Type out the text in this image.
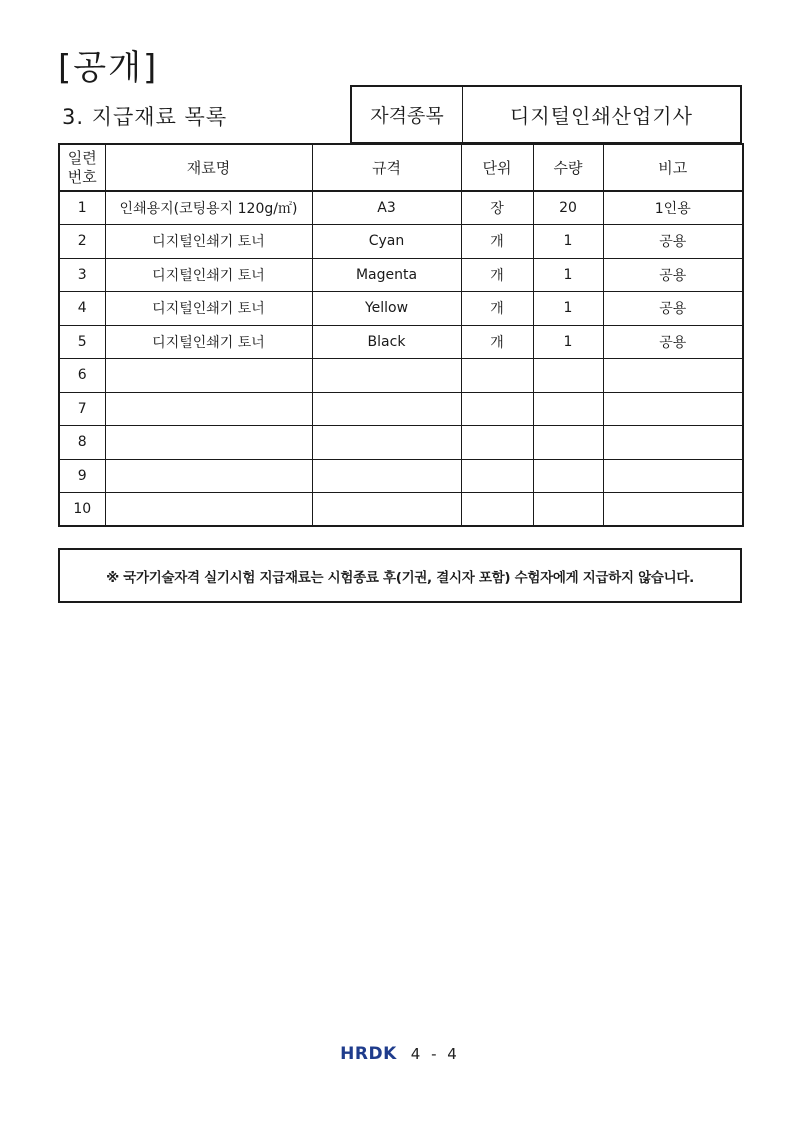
[공개]
3. 지급재료 목록	자격종목	디지털인쇄산업기사
일련
번호	재료명	규격	단위	수량	비고
1	인쇄용지(코팅용지 120g/㎡)	A3	장	20	1인용
2	디지털인쇄기 토너	Cyan	개	1	공용
3	디지털인쇄기 토너	Magenta	개	1	공용
4	디지털인쇄기 토너	Yellow	개	1	공용
5	디지털인쇄기 토너	Black	개	1	공용
6					
7					
8					
9					
10					
※ 국가기술자격 실기시험 지급재료는 시험종료 후(기권, 결시자 포함) 수험자에게 지급하지 않습니다.
HRDK 4 - 4
